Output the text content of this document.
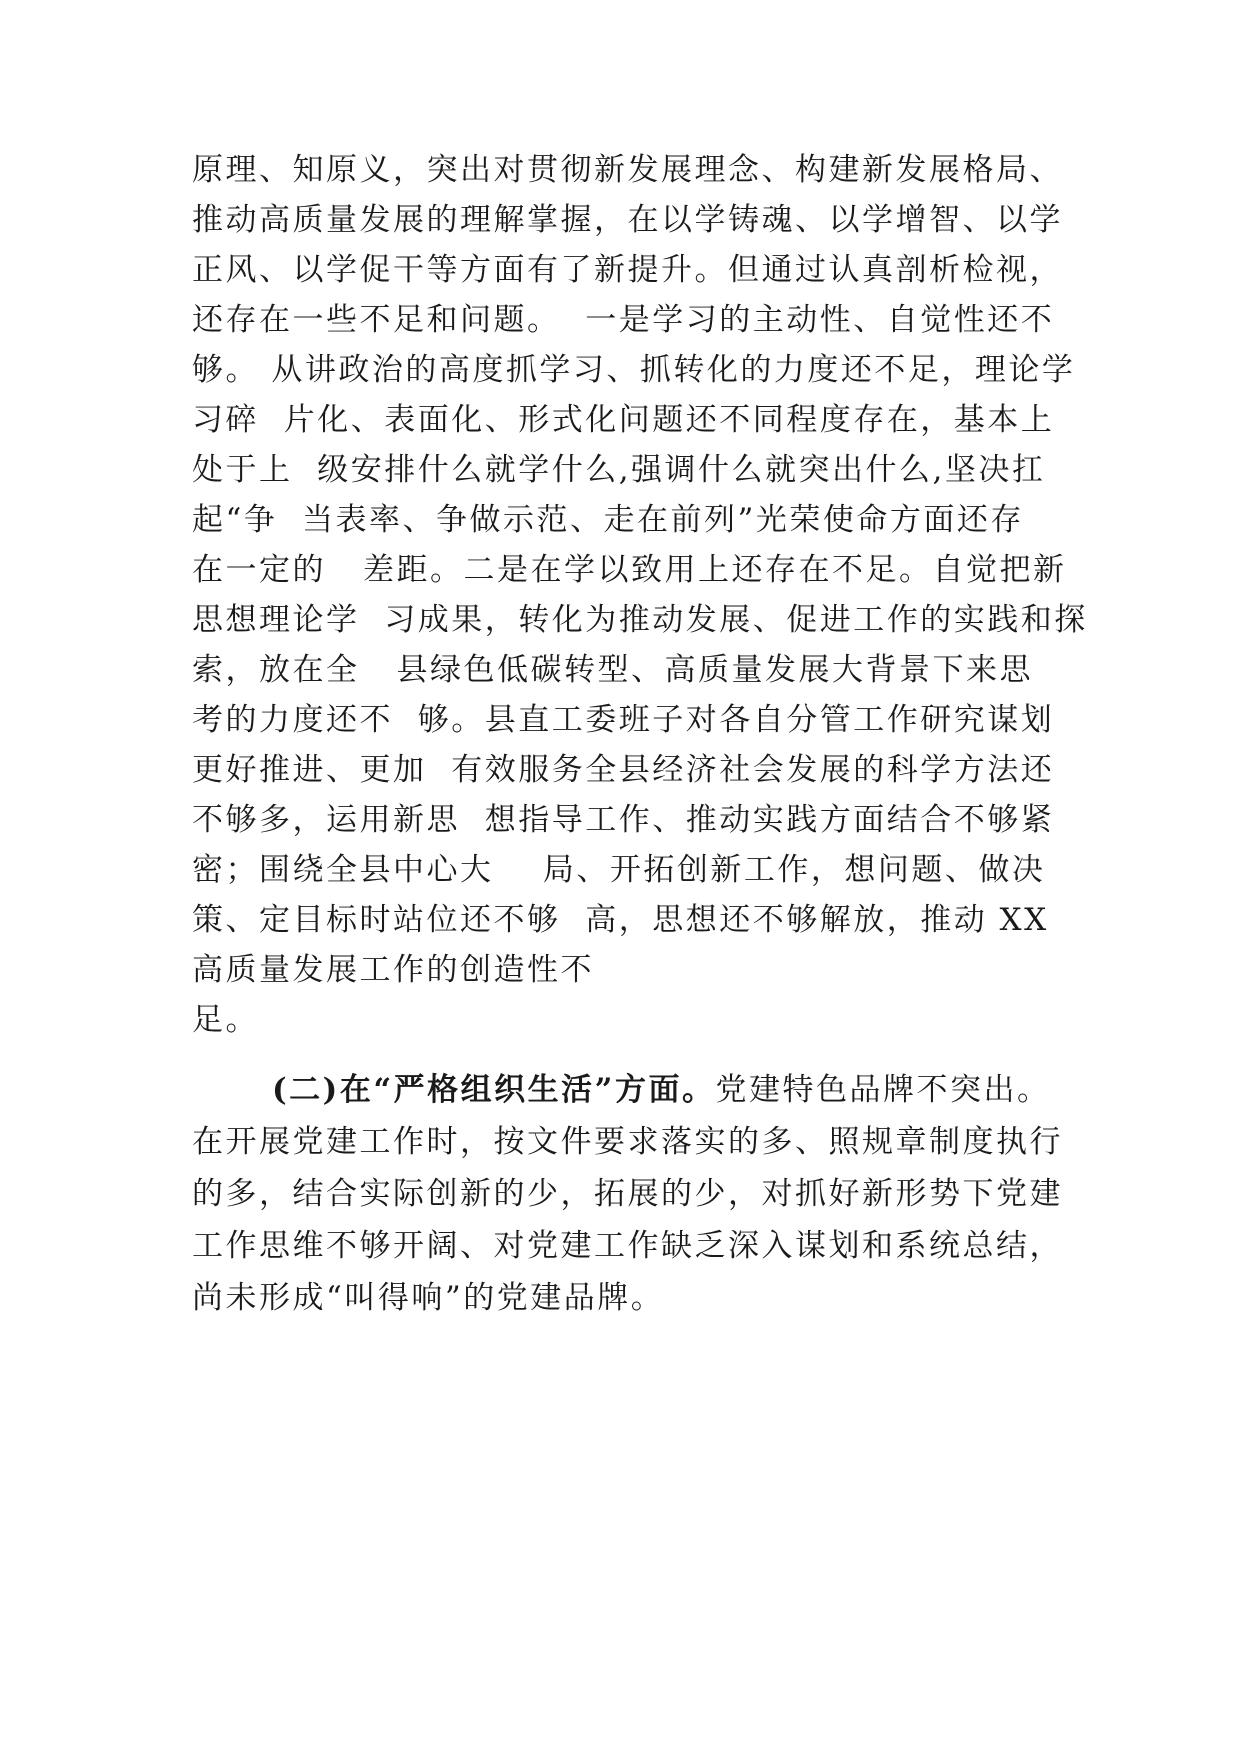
原理、知原义，突出对贯彻新发展理念、构建新发展格局、

推动高质量发展的理解掌握，在以学铸魂、以学增智、以学

正风、以学促干等方面有了新提升。但通过认真剖析检视，

还存在一些不足和问题。  一是学习的主动性、自觉性还不

够。 从讲政治的高度抓学习、抓转化的力度还不足，理论学

习碎  片化、表面化、形式化问题还不同程度存在，基本上

处于上  级安排什么就学什么,强调什么就突出什么,坚决扛

起“争  当表率、争做示范、走在前列”光荣使命方面还存

在一定的   差距。二是在学以致用上还存在不足。自觉把新

思想理论学  习成果，转化为推动发展、促进工作的实践和探

索，放在全   县绿色低碳转型、高质量发展大背景下来思

考的力度还不  够。县直工委班子对各自分管工作研究谋划

更好推进、更加  有效服务全县经济社会发展的科学方法还

不够多，运用新思  想指导工作、推动实践方面结合不够紧

密；围绕全县中心大    局、开拓创新工作，想问题、做决

策、定目标时站位还不够  高，思想还不够解放，推动 XX

高质量发展工作的创造性不

足。

(二)在“严格组织生活”方面。党建特色品牌不突出。

在开展党建工作时，按文件要求落实的多、照规章制度执行

的多，结合实际创新的少，拓展的少，对抓好新形势下党建

工作思维不够开阔、对党建工作缺乏深入谋划和系统总结，

尚未形成“叫得响”的党建品牌。
